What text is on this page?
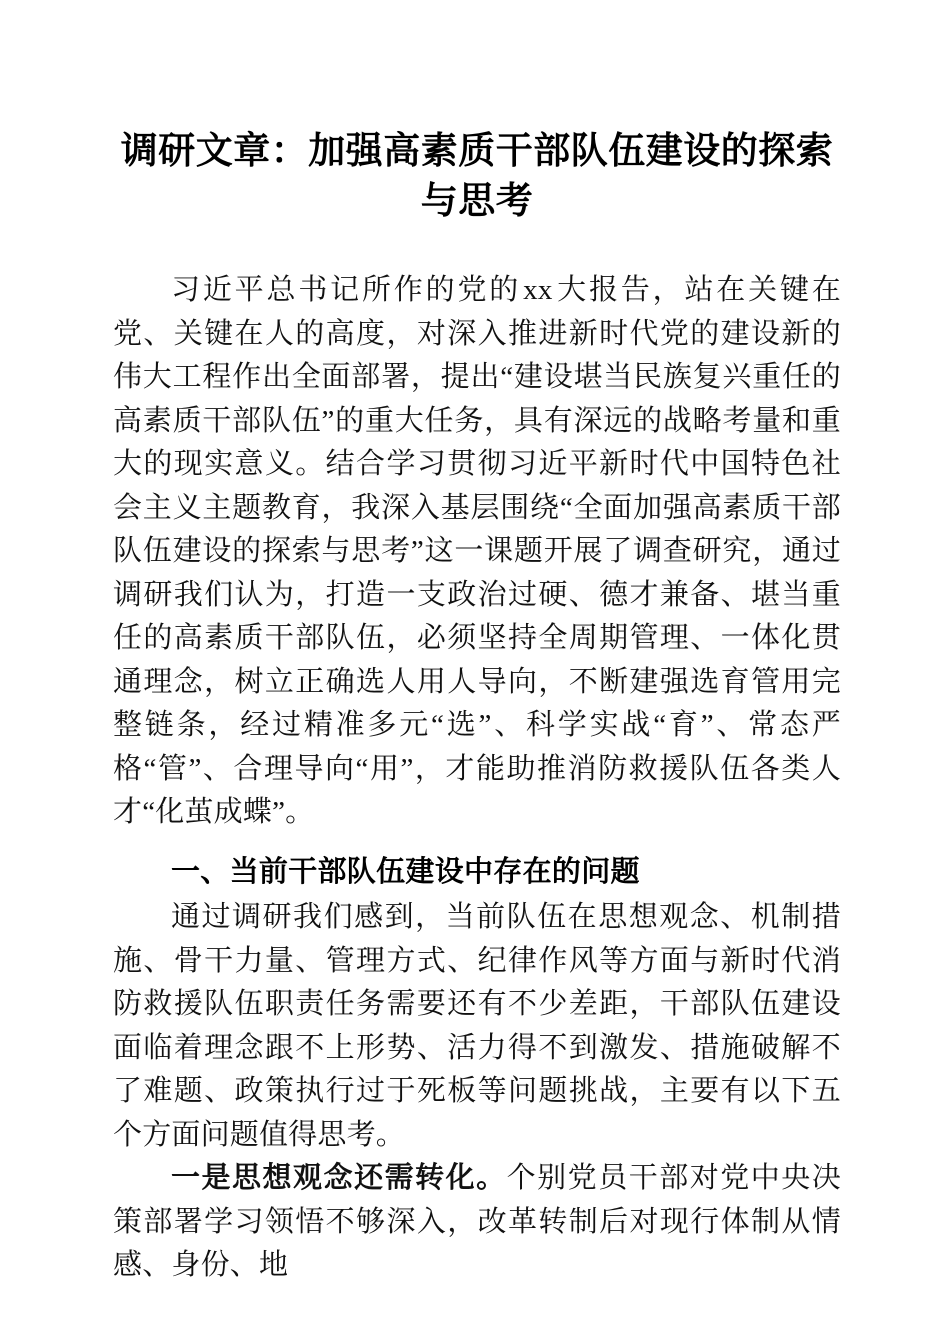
调研文章：加强高素质干部队伍建设的探索与思考

习近平总书记所作的党的xx大报告，站在关键在党、关键在人的高度，对深入推进新时代党的建设新的伟大工程作出全面部署，提出“建设堪当民族复兴重任的高素质干部队伍”的重大任务，具有深远的战略考量和重大的现实意义。结合学习贯彻习近平新时代中国特色社会主义主题教育，我深入基层围绕“全面加强高素质干部队伍建设的探索与思考”这一课题开展了调查研究，通过调研我们认为，打造一支政治过硬、德才兼备、堪当重任的高素质干部队伍，必须坚持全周期管理、一体化贯通理念，树立正确选人用人导向，不断建强选育管用完整链条，经过精准多元“选”、科学实战“育”、常态严格“管”、合理导向“用”，才能助推消防救援队伍各类人才“化茧成蝶”。

一、当前干部队伍建设中存在的问题

通过调研我们感到，当前队伍在思想观念、机制措施、骨干力量、管理方式、纪律作风等方面与新时代消防救援队伍职责任务需要还有不少差距，干部队伍建设面临着理念跟不上形势、活力得不到激发、措施破解不了难题、政策执行过于死板等问题挑战，主要有以下五个方面问题值得思考。

一是思想观念还需转化。个别党员干部对党中央决策部署学习领悟不够深入，改革转制后对现行体制从情感、身份、地
